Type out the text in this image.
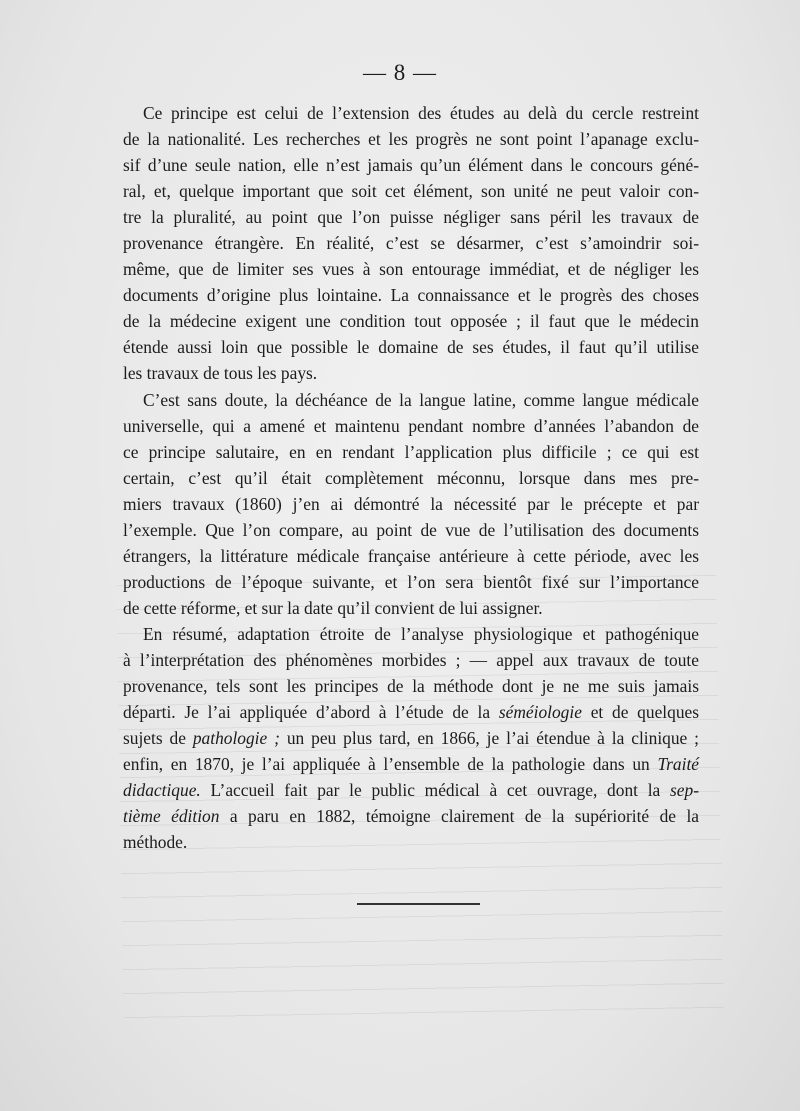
— 8 —
Ce principe est celui de l’extension des études au delà du cercle restreint
de la nationalité. Les recherches et les progrès ne sont point l’apanage exclu-
sif d’une seule nation, elle n’est jamais qu’un élément dans le concours géné-
ral, et, quelque important que soit cet élément, son unité ne peut valoir con-
tre la pluralité, au point que l’on puisse négliger sans péril les travaux de
provenance étrangère. En réalité, c’est se désarmer, c’est s’amoindrir soi-
même, que de limiter ses vues à son entourage immédiat, et de négliger les
documents d’origine plus lointaine. La connaissance et le progrès des choses
de la médecine exigent une condition tout opposée ; il faut que le médecin
étende aussi loin que possible le domaine de ses études, il faut qu’il utilise
les travaux de tous les pays.
C’est sans doute, la déchéance de la langue latine, comme langue médicale
universelle, qui a amené et maintenu pendant nombre d’années l’abandon de
ce principe salutaire, en en rendant l’application plus difficile ; ce qui est
certain, c’est qu’il était complètement méconnu, lorsque dans mes pre-
miers travaux (1860) j’en ai démontré la nécessité par le précepte et par
l’exemple. Que l’on compare, au point de vue de l’utilisation des documents
étrangers, la littérature médicale française antérieure à cette période, avec les
productions de l’époque suivante, et l’on sera bientôt fixé sur l’importance
de cette réforme, et sur la date qu’il convient de lui assigner.
En résumé, adaptation étroite de l’analyse physiologique et pathogénique
à l’interprétation des phénomènes morbides ; — appel aux travaux de toute
provenance, tels sont les principes de la méthode dont je ne me suis jamais
départi. Je l’ai appliquée d’abord à l’étude de la séméiologie et de quelques
sujets de pathologie ; un peu plus tard, en 1866, je l’ai étendue à la clinique ;
enfin, en 1870, je l’ai appliquée à l’ensemble de la pathologie dans un Traité
didactique. L’accueil fait par le public médical à cet ouvrage, dont la sep-
tième édition a paru en 1882, témoigne clairement de la supériorité de la
méthode.
